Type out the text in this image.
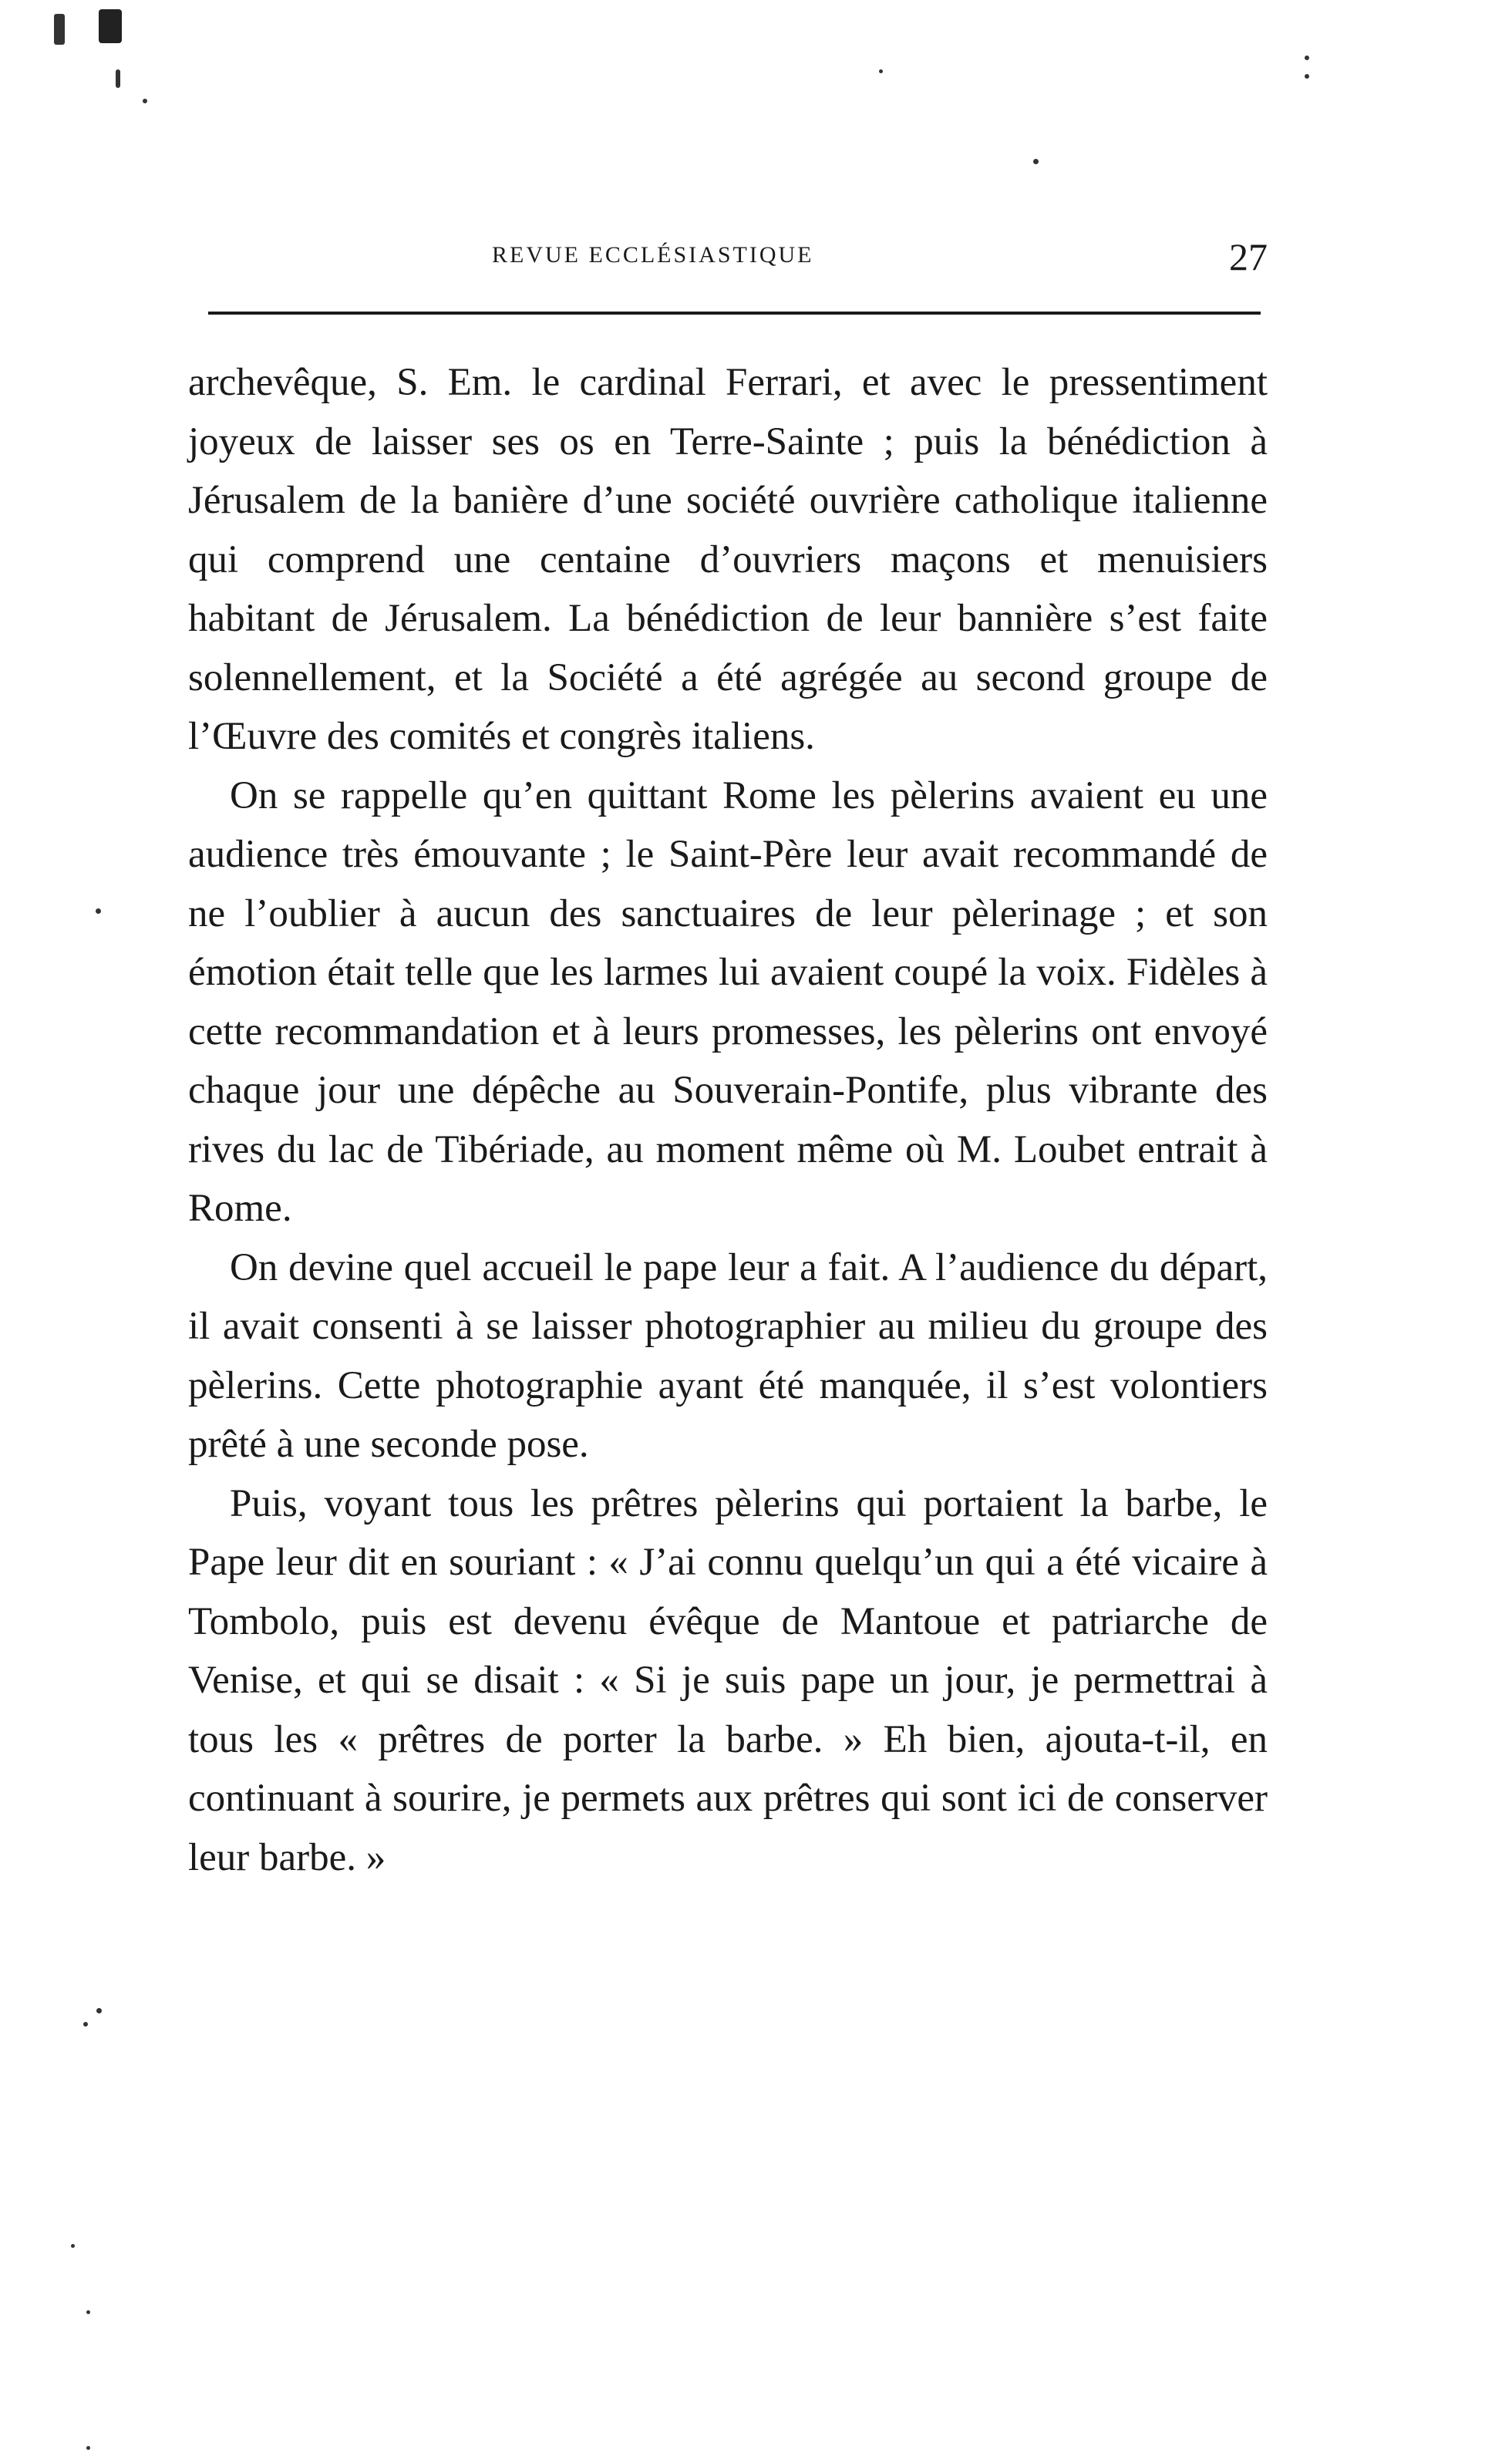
REVUE ECCLÉSIASTIQUE	27

archevêque, S. Em. le cardinal Ferrari, et avec le pressentiment joyeux de laisser ses os en Terre-Sainte ; puis la bénédiction à Jérusalem de la banière d’une société ouvrière catholique italienne qui comprend une centaine d’ouvriers maçons et menuisiers habitant de Jérusalem. La bénédiction de leur bannière s’est faite solennellement, et la Société a été agrégée au second groupe de l’Œuvre des comités et congrès italiens.

On se rappelle qu’en quittant Rome les pèlerins avaient eu une audience très émouvante ; le Saint-Père leur avait recommandé de ne l’oublier à aucun des sanctuaires de leur pèlerinage ; et son émotion était telle que les larmes lui avaient coupé la voix. Fidèles à cette recommandation et à leurs promesses, les pèlerins ont envoyé chaque jour une dépêche au Souverain-Pontife, plus vibrante des rives du lac de Tibériade, au moment même où M. Loubet entrait à Rome.

On devine quel accueil le pape leur a fait. A l’audience du départ, il avait consenti à se laisser photographier au milieu du groupe des pèlerins. Cette photographie ayant été manquée, il s’est volontiers prêté à une seconde pose.

Puis, voyant tous les prêtres pèlerins qui portaient la barbe, le Pape leur dit en souriant : « J’ai connu quelqu’un qui a été vicaire à Tombolo, puis est devenu évêque de Mantoue et patriarche de Venise, et qui se disait : « Si je suis pape un jour, je permettrai à tous les « prêtres de porter la barbe. » Eh bien, ajouta-t-il, en continuant à sourire, je permets aux prêtres qui sont ici de conserver leur barbe. »
